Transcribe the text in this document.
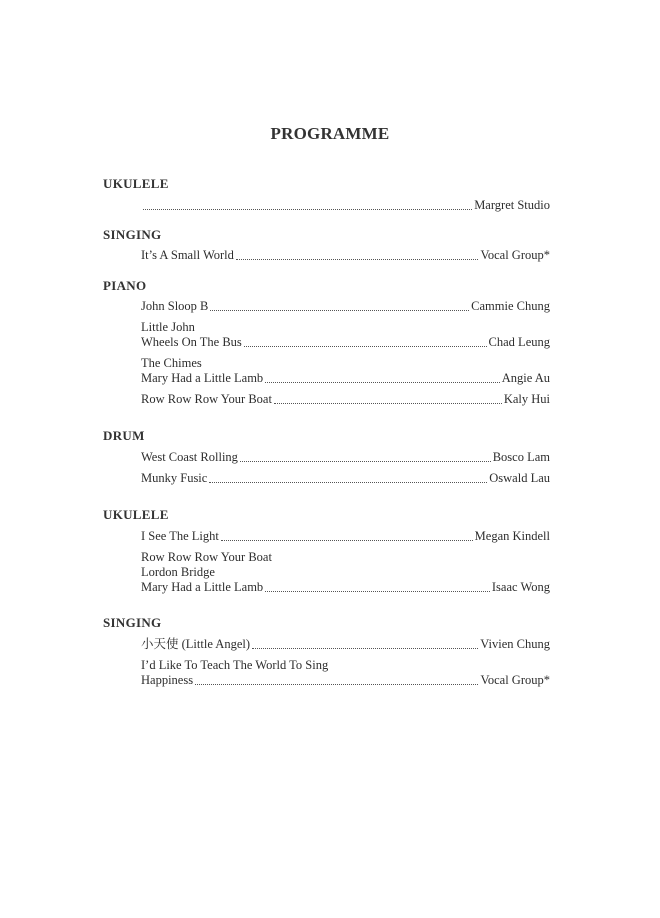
PROGRAMME
UKULELE
Margret Studio
SINGING
It’s A Small World	Vocal Group*
PIANO
John Sloop B	Cammie Chung
Little John
Wheels On The Bus	Chad Leung
The Chimes
Mary Had a Little Lamb	Angie Au
Row Row Row Your Boat	Kaly Hui
DRUM
West Coast Rolling	Bosco Lam
Munky Fusic	Oswald Lau
UKULELE
I See The Light	Megan Kindell
Row Row Row Your Boat
Lordon Bridge
Mary Had a Little Lamb	Isaac Wong
SINGING
小天使 (Little Angel)	Vivien Chung
I’d Like To Teach The World To Sing
Happiness	Vocal Group*
